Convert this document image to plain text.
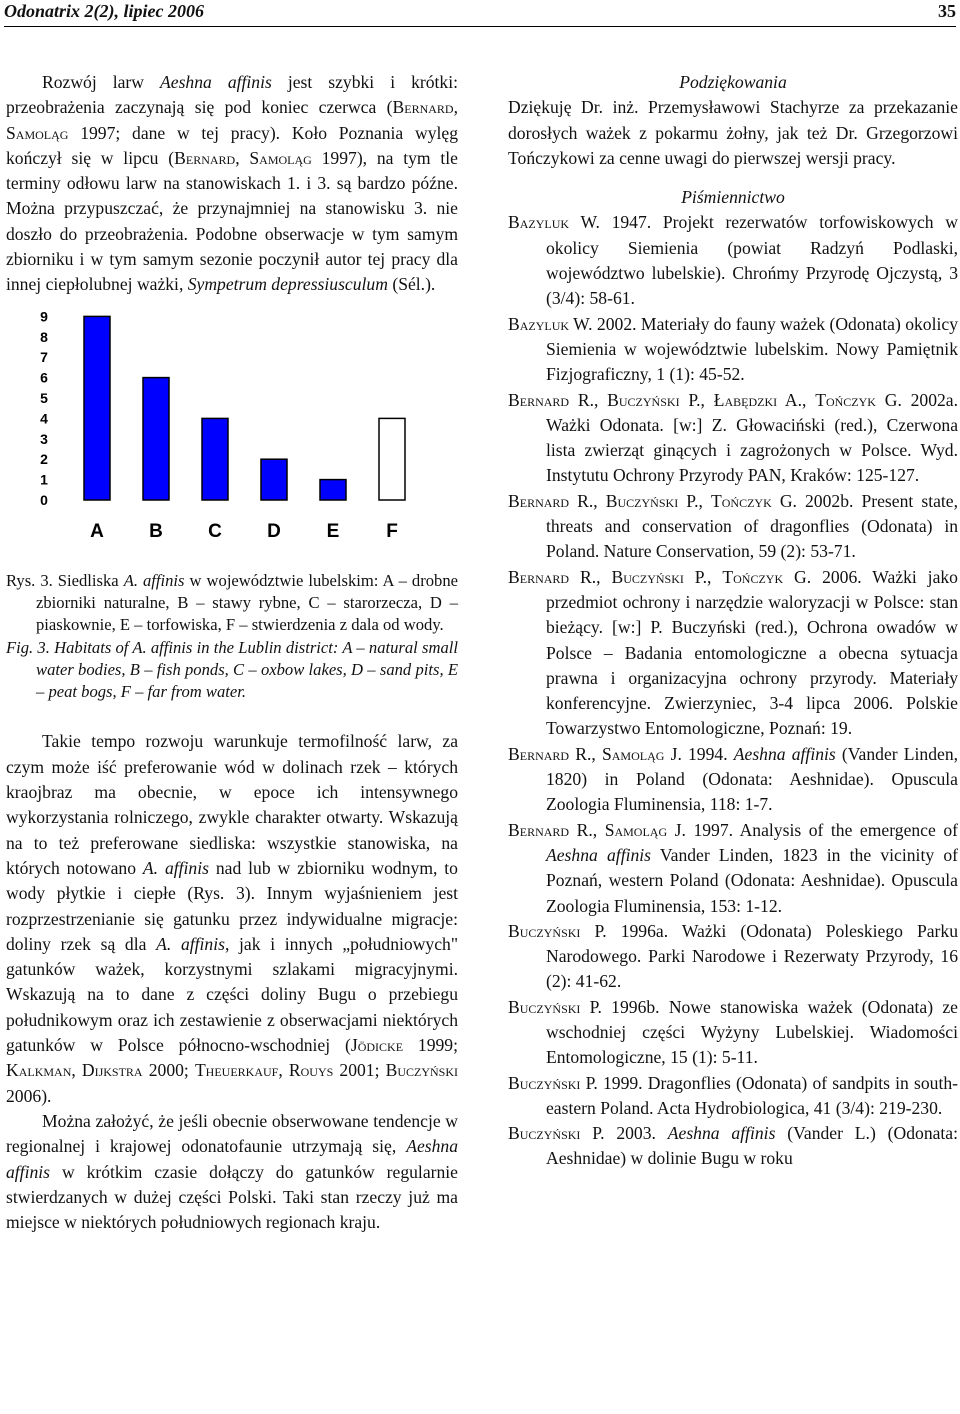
Odonatrix 2(2), lipiec 2006	35

Rozwój larw Aeshna affinis jest szybki i krótki: przeobrażenia zaczynają się pod koniec czerwca (Bernard, Samoląg 1997; dane w tej pracy). Koło Poznania wylęg kończył się w lipcu (Bernard, Samoląg 1997), na tym tle terminy odłowu larw na stanowiskach 1. i 3. są bardzo późne. Można przypuszczać, że przynajmniej na stanowisku 3. nie doszło do przeobrażenia. Podobne obserwacje w tym samym zbiorniku i w tym samym sezonie poczynił autor tej pracy dla innej ciepłolubnej ważki, Sympetrum depressiusculum (Sél.).

0
1
2
3
4
5
6
7
8
9
A B C D E F

Rys. 3. Siedliska A. affinis w województwie lubelskim: A – drobne zbiorniki naturalne, B – stawy rybne, C – starorzecza, D – piaskownie, E – torfowiska, F – stwierdzenia z dala od wody.

Fig. 3. Habitats of A. affinis in the Lublin district: A – natural small water bodies, B – fish ponds, C – oxbow lakes, D – sand pits, E – peat bogs, F – far from water.

Takie tempo rozwoju warunkuje termofilność larw, za czym może iść preferowanie wód w dolinach rzek – których kraojbraz ma obecnie, w epoce ich intensywnego wykorzystania rolniczego, zwykle charakter otwarty. Wskazują na to też preferowane siedliska: wszystkie stanowiska, na których notowano A. affinis nad lub w zbiorniku wodnym, to wody płytkie i ciepłe (Rys. 3). Innym wyjaśnieniem jest rozprzestrzenianie się gatunku przez indywidualne migracje: doliny rzek są dla A. affinis, jak i innych „południowych" gatunków ważek, korzystnymi szlakami migracyjnymi. Wskazują na to dane z części doliny Bugu o przebiegu południkowym oraz ich zestawienie z obserwacjami niektórych gatunków w Polsce północno-wschodniej (Jödicke 1999; Kalkman, Dijkstra 2000; Theuerkauf, Rouys 2001; Buczyński 2006).

Można założyć, że jeśli obecnie obserwowane tendencje w regionalnej i krajowej odonatofaunie utrzymają się, Aeshna affinis w krótkim czasie dołączy do gatunków regularnie stwierdzanych w dużej części Polski. Taki stan rzeczy już ma miejsce w niektórych południowych regionach kraju.

Podziękowania

Dziękuję Dr. inż. Przemysławowi Stachyrze za przekazanie dorosłych ważek z pokarmu żołny, jak też Dr. Grzegorzowi Tończykowi za cenne uwagi do pierwszej wersji pracy.

Piśmiennictwo

Bazyluk W. 1947. Projekt rezerwatów torfowiskowych w okolicy Siemienia (powiat Radzyń Podlaski, województwo lubelskie). Chrońmy Przyrodę Ojczystą, 3 (3/4): 58-61.

Bazyluk W. 2002. Materiały do fauny ważek (Odonata) okolicy Siemienia w województwie lubelskim. Nowy Pamiętnik Fizjograficzny, 1 (1): 45-52.

Bernard R., Buczyński P., Łabędzki A., Tończyk G. 2002a. Ważki Odonata. [w:] Z. Głowaciński (red.), Czerwona lista zwierząt ginących i zagrożonych w Polsce. Wyd. Instytutu Ochrony Przyrody PAN, Kraków: 125-127.

Bernard R., Buczyński P., Tończyk G. 2002b. Present state, threats and conservation of dragonflies (Odonata) in Poland. Nature Conservation, 59 (2): 53-71.

Bernard R., Buczyński P., Tończyk G. 2006. Ważki jako przedmiot ochrony i narzędzie waloryzacji w Polsce: stan bieżący. [w:] P. Buczyński (red.), Ochrona owadów w Polsce – Badania entomologiczne a obecna sytuacja prawna i organizacyjna ochrony przyrody. Materiały konferencyjne. Zwierzyniec, 3-4 lipca 2006. Polskie Towarzystwo Entomologiczne, Poznań: 19.

Bernard R., Samoląg J. 1994. Aeshna affinis (Vander Linden, 1820) in Poland (Odonata: Aeshnidae). Opuscula Zoologia Fluminensia, 118: 1-7.

Bernard R., Samoląg J. 1997. Analysis of the emergence of Aeshna affinis Vander Linden, 1823 in the vicinity of Poznań, western Poland (Odonata: Aeshnidae). Opuscula Zoologia Fluminensia, 153: 1-12.

Buczyński P. 1996a. Ważki (Odonata) Poleskiego Parku Narodowego. Parki Narodowe i Rezerwaty Przyrody, 16 (2): 41-62.

Buczyński P. 1996b. Nowe stanowiska ważek (Odonata) ze wschodniej części Wyżyny Lubelskiej. Wiadomości Entomologiczne, 15 (1): 5-11.

Buczyński P. 1999. Dragonflies (Odonata) of sandpits in south-eastern Poland. Acta Hydrobiologica, 41 (3/4): 219-230.

Buczyński P. 2003. Aeshna affinis (Vander L.) (Odonata: Aeshnidae) w dolinie Bugu w roku
